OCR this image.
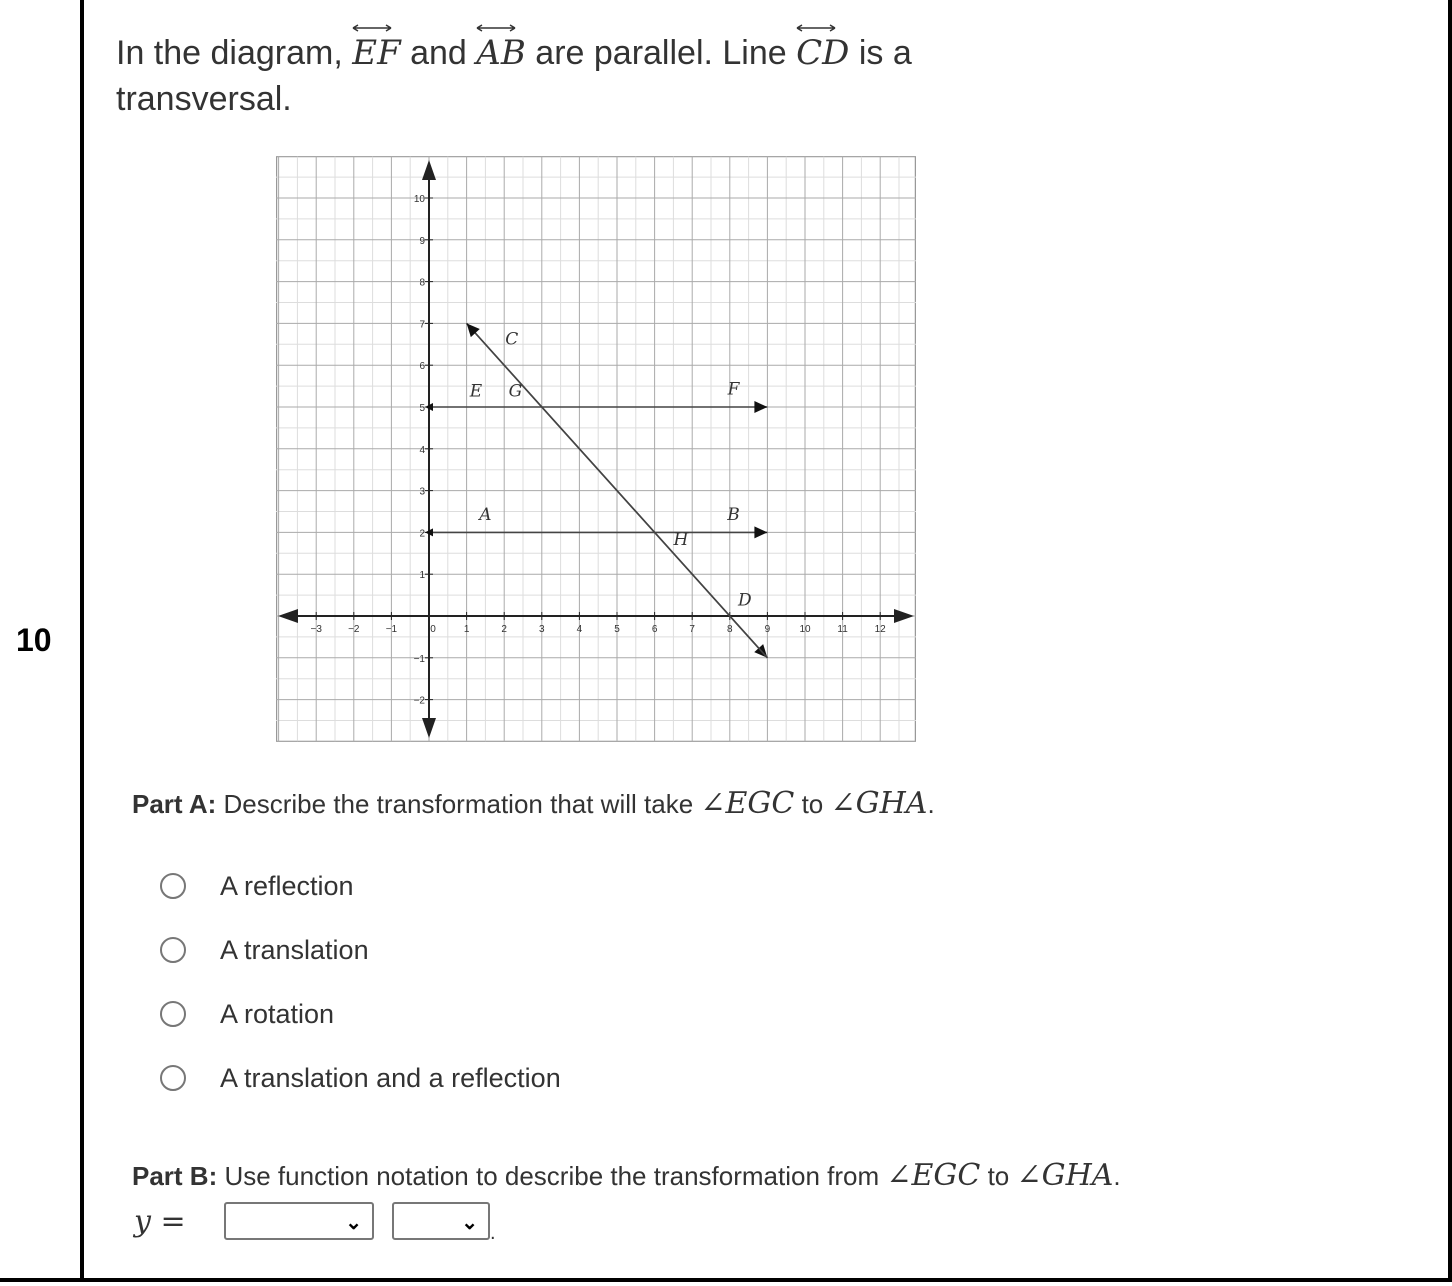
10
In the diagram,
EF and
AB are parallel. Line
CD is a
transversal.
−3	−2	−1	0	1	2	3	4	5	6	7	8	9	10	11	12
10
9
8
7
6
5
4
3
2
1
−1
−2
C
E G	F
A	B
H
D
Part A: Describe the transformation that will take ∠EGC to ∠GHA.
A reflection
A translation
A rotation
A translation and a reflection
Part B: Use function notation to describe the transformation from ∠EGC to ∠GHA.
y =	⌄	⌄ .
